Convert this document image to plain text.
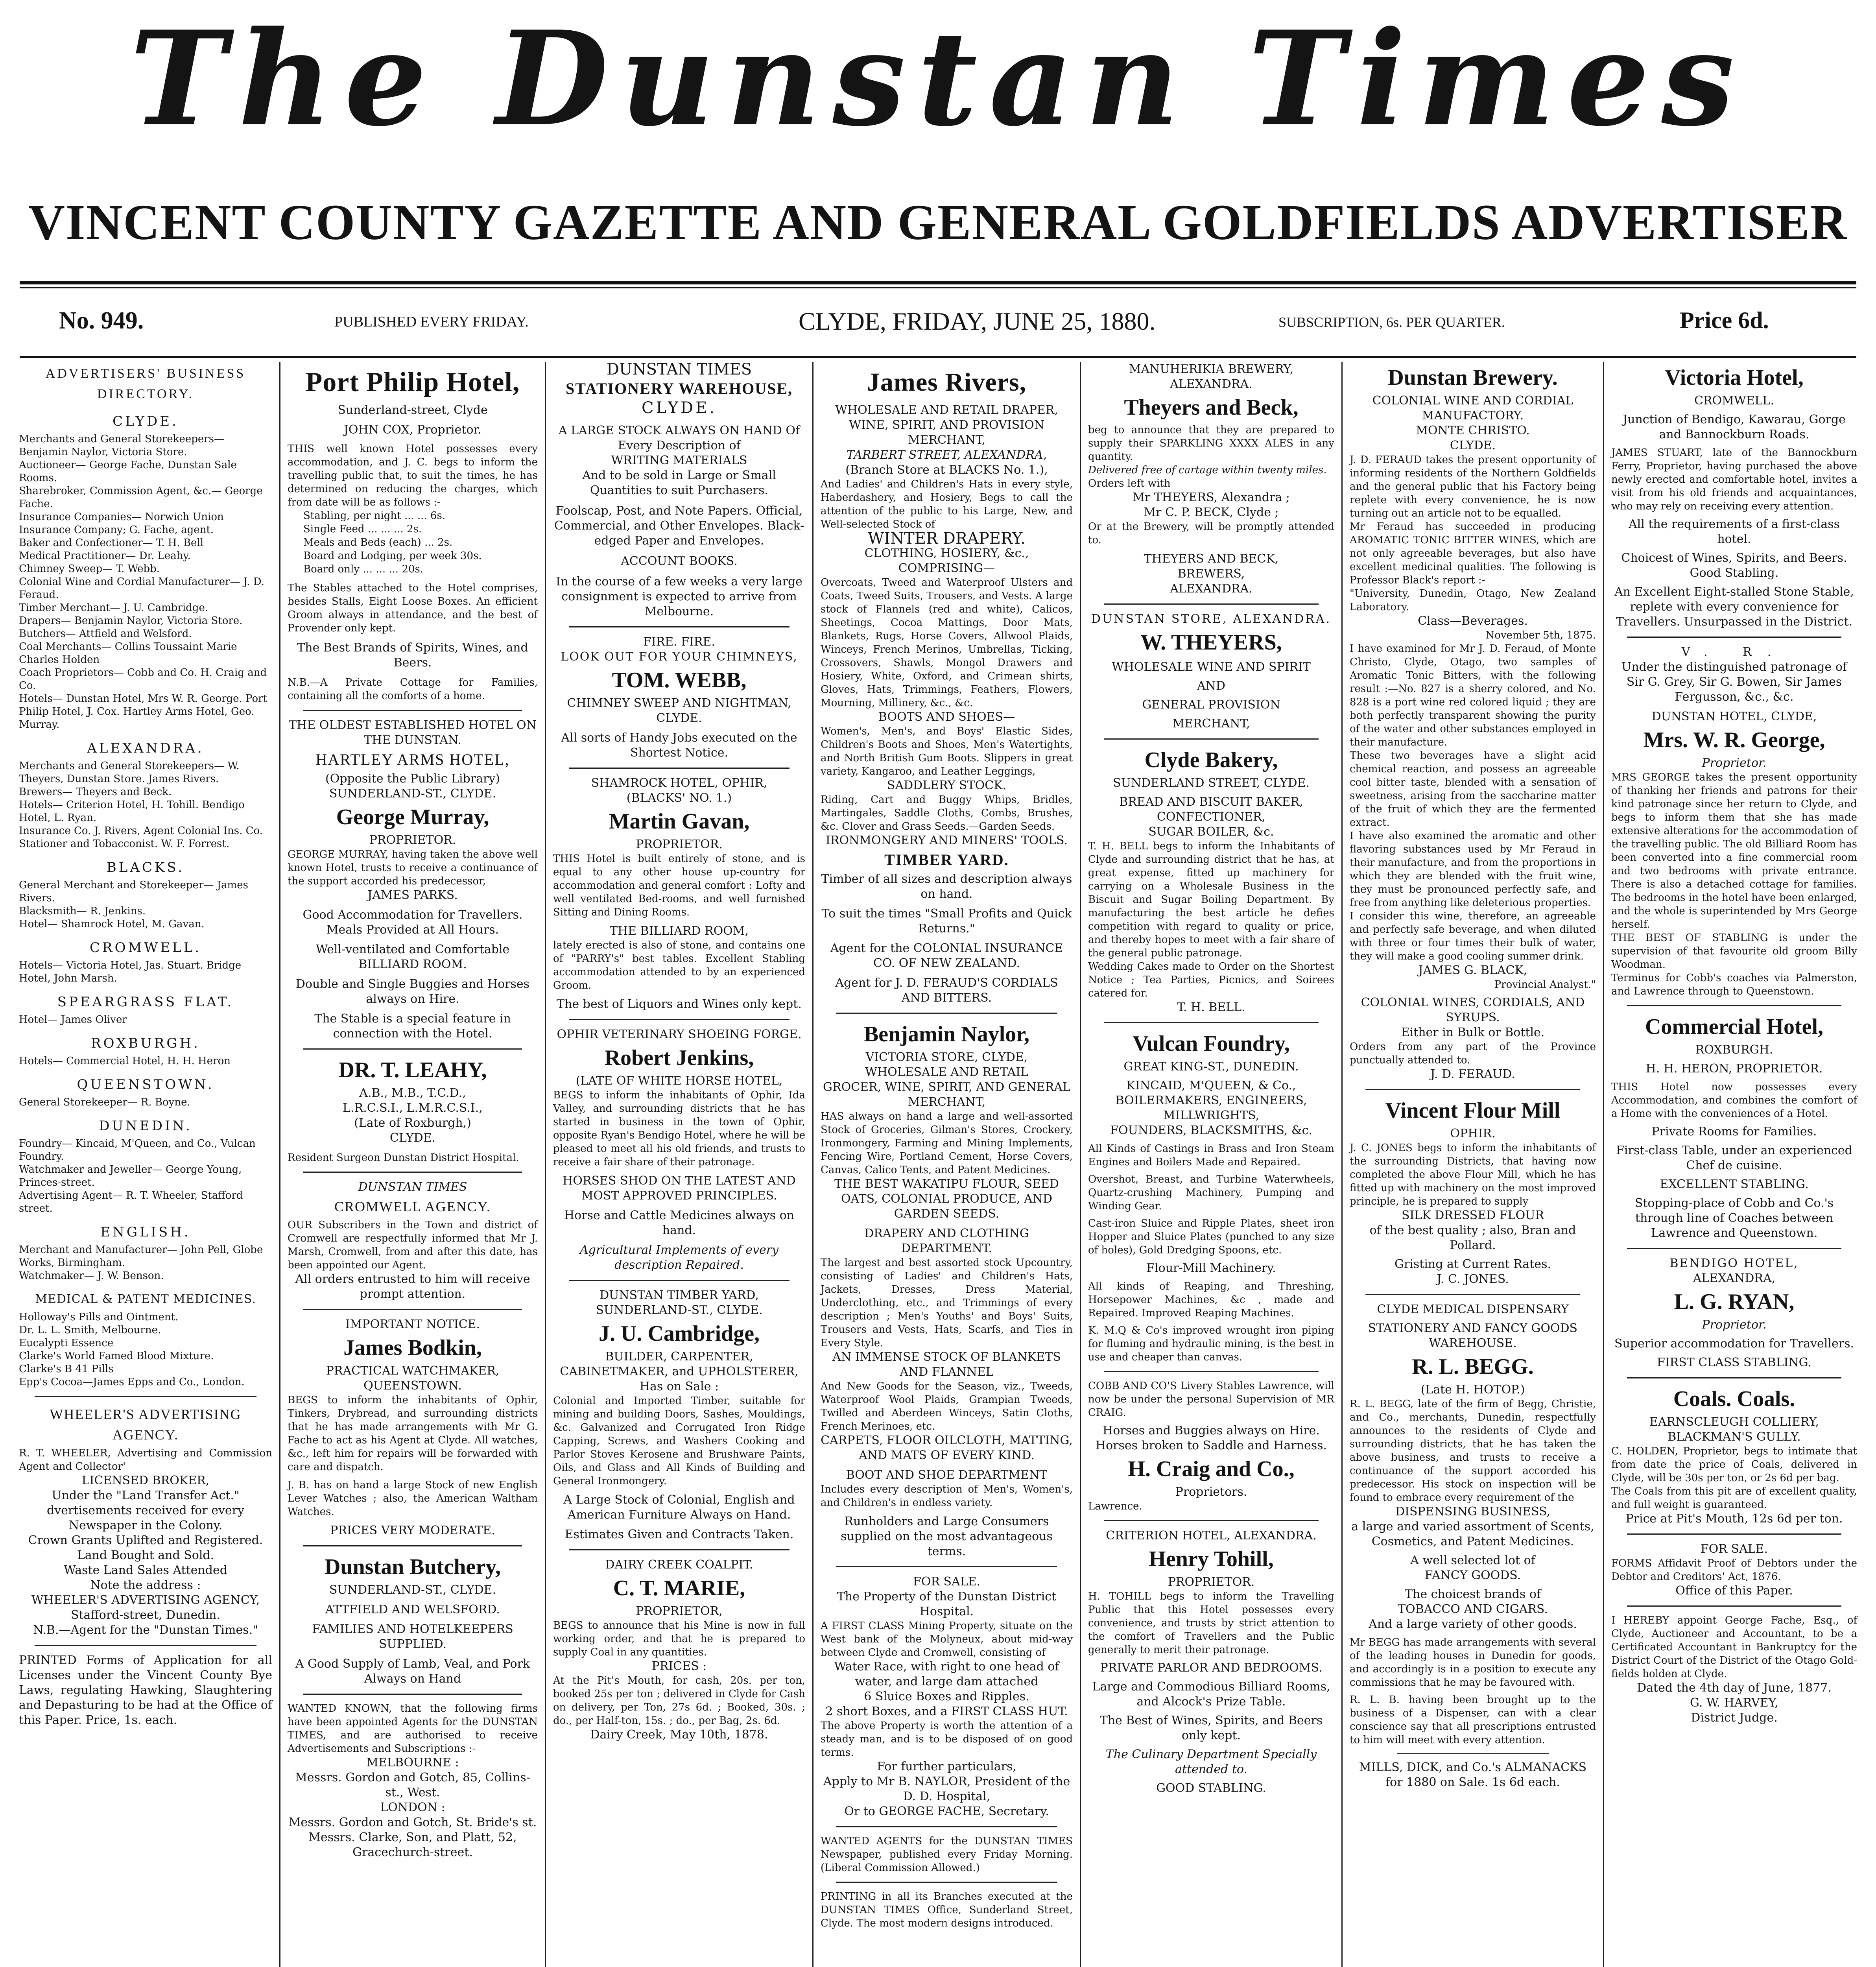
The Dunstan Times
VINCENT COUNTY GAZETTE AND GENERAL GOLDFIELDS ADVERTISER
No. 949.	PUBLISHED EVERY FRIDAY.	CLYDE, FRIDAY, JUNE 25, 1880.	SUBSCRIPTION, 6s. PER QUARTER.	Price 6d.
ADVERTISERS' BUSINESS DIRECTORY.
CLYDE.
Merchants and General Storekeepers— Benjamin Naylor, Victoria Store.
Auctioneer— George Fache, Dunstan Sale Rooms.
Sharebroker, Commission Agent, &c.— George Fache.
Insurance Companies— Norwich Union Insurance Company; G. Fache, agent.
Baker and Confectioner— T. H. Bell
Medical Practitioner— Dr. Leahy.
Chimney Sweep— T. Webb.
Colonial Wine and Cordial Manufacturer— J. D. Feraud.
Timber Merchant— J. U. Cambridge.
Drapers— Benjamin Naylor, Victoria Store.
Butchers— Attfield and Welsford.
Coal Merchants— Collins Toussaint Marie Charles Holden
Coach Proprietors— Cobb and Co. H. Craig and Co.
Hotels— Dunstan Hotel, Mrs W. R. George. Port Philip Hotel, J. Cox. Hartley Arms Hotel, Geo. Murray.
ALEXANDRA.
Merchants and General Storekeepers— W. Theyers, Dunstan Store. James Rivers.
Brewers— Theyers and Beck.
Hotels— Criterion Hotel, H. Tohill. Bendigo Hotel, L. Ryan.
Insurance Co. J. Rivers, Agent Colonial Ins. Co.
Stationer and Tobacconist. W. F. Forrest.
BLACKS.
General Merchant and Storekeeper— James Rivers.
Blacksmith— R. Jenkins.
Hotel— Shamrock Hotel, M. Gavan.
CROMWELL.
Hotels— Victoria Hotel, Jas. Stuart. Bridge Hotel, John Marsh.
SPEARGRASS FLAT.
Hotel— James Oliver
ROXBURGH.
Hotels— Commercial Hotel, H. H. Heron
QUEENSTOWN.
General Storekeeper— R. Boyne.
DUNEDIN.
Foundry— Kincaid, M'Queen, and Co., Vulcan Foundry.
Watchmaker and Jeweller— George Young, Princes-street.
Advertising Agent— R. T. Wheeler, Stafford street.
ENGLISH.
Merchant and Manufacturer— John Pell, Globe Works, Birmingham.
Watchmaker— J. W. Benson.
MEDICAL & PATENT MEDICINES.
Holloway's Pills and Ointment.
Dr. L. L. Smith, Melbourne.
Eucalypti Essence
Clarke's World Famed Blood Mixture.
Clarke's B 41 Pills
Epp's Cocoa—James Epps and Co., London.
WHEELER'S ADVERTISING AGENCY.
R. T. WHEELER, Advertising and Commission Agent and Collector'
LICENSED BROKER,
Under the "Land Transfer Act."
dvertisements received for every Newspaper in the Colony.
Crown Grants Uplifted and Registered.
Land Bought and Sold.
Waste Land Sales Attended
Note the address :
WHEELER'S ADVERTISING AGENCY, Stafford-street, Dunedin.
N.B.—Agent for the "Dunstan Times."
PRINTED Forms of Application for all Licenses under the Vincent County Bye Laws, regulating Hawking, Slaughtering and Depasturing to be had at the Office of this Paper. Price, 1s. each.
Port Philip Hotel,
Sunderland-street, Clyde
JOHN COX, Proprietor.
THIS well known Hotel possesses every accommodation, and J. C. begs to inform the travelling public that, to suit the times, he has determined on reducing the charges, which from date will be as follows :-
Stabling, per night ... ... 6s.
Single Feed ... ... ... 2s.
Meals and Beds (each) ... 2s.
Board and Lodging, per week 30s.
Board only ... ... ... 20s.
The Stables attached to the Hotel comprises, besides Stalls, Eight Loose Boxes. An efficient Groom always in attendance, and the best of Provender only kept.
The Best Brands of Spirits, Wines, and Beers.
N.B.—A Private Cottage for Families, containing all the comforts of a home.
THE OLDEST ESTABLISHED HOTEL ON THE DUNSTAN.
HARTLEY ARMS HOTEL,
(Opposite the Public Library)
SUNDERLAND-ST., CLYDE.
George Murray,
PROPRIETOR.
GEORGE MURRAY, having taken the above well known Hotel, trusts to receive a continuance of the support accorded his predecessor,
JAMES PARKS.
Good Accommodation for Travellers. Meals Provided at All Hours.
Well-ventilated and Comfortable BILLIARD ROOM.
Double and Single Buggies and Horses always on Hire.
The Stable is a special feature in connection with the Hotel.
DR. T. LEAHY,
A.B., M.B., T.C.D.,
L.R.C.S.I., L.M.R.C.S.I.,
(Late of Roxburgh,)
CLYDE.
Resident Surgeon Dunstan District Hospital.
DUNSTAN TIMES
CROMWELL AGENCY.
OUR Subscribers in the Town and district of Cromwell are respectfully informed that Mr J. Marsh, Cromwell, from and after this date, has been appointed our Agent.
All orders entrusted to him will receive prompt attention.
IMPORTANT NOTICE.
James Bodkin,
PRACTICAL WATCHMAKER,
QUEENSTOWN.
BEGS to inform the inhabitants of Ophir, Tinkers, Drybread, and surrounding districts that he has made arrangements with Mr G. Fache to act as his Agent at Clyde. All watches, &c., left him for repairs will be forwarded with care and dispatch.
J. B. has on hand a large Stock of new English Lever Watches ; also, the American Waltham Watches.
PRICES VERY MODERATE.
Dunstan Butchery,
SUNDERLAND-ST., CLYDE.
ATTFIELD AND WELSFORD.
FAMILIES AND HOTELKEEPERS SUPPLIED.
A Good Supply of Lamb, Veal, and Pork Always on Hand
WANTED KNOWN, that the following firms have been appointed Agents for the DUNSTAN TIMES, and are authorised to receive Advertisements and Subscriptions :-
MELBOURNE :
Messrs. Gordon and Gotch, 85, Collins-st., West.
LONDON :
Messrs. Gordon and Gotch, St. Bride's st. Messrs. Clarke, Son, and Platt, 52, Gracechurch-street.
DUNSTAN TIMES
STATIONERY WAREHOUSE,
CLYDE.
A LARGE STOCK ALWAYS ON HAND Of Every Description of
WRITING MATERIALS
And to be sold in Large or Small Quantities to suit Purchasers.
Foolscap, Post, and Note Papers. Official, Commercial, and Other Envelopes. Black-edged Paper and Envelopes.
ACCOUNT BOOKS.
In the course of a few weeks a very large consignment is expected to arrive from Melbourne.
FIRE. FIRE.
LOOK OUT FOR YOUR CHIMNEYS,
TOM. WEBB,
CHIMNEY SWEEP AND NIGHTMAN,
CLYDE.
All sorts of Handy Jobs executed on the Shortest Notice.
SHAMROCK HOTEL, OPHIR,
(BLACKS' NO. 1.)
Martin Gavan,
PROPRIETOR.
THIS Hotel is built entirely of stone, and is equal to any other house up-country for accommodation and general comfort : Lofty and well ventilated Bed-rooms, and well furnished Sitting and Dining Rooms.
THE BILLIARD ROOM,
lately erected is also of stone, and contains one of "PARRY's" best tables. Excellent Stabling accommodation attended to by an experienced Groom.
The best of Liquors and Wines only kept.
OPHIR VETERINARY SHOEING FORGE.
Robert Jenkins,
(LATE OF WHITE HORSE HOTEL,
BEGS to inform the inhabitants of Ophir, Ida Valley, and surrounding districts that he has started in business in the town of Ophir, opposite Ryan's Bendigo Hotel, where he will be pleased to meet all his old friends, and trusts to receive a fair share of their patronage.
HORSES SHOD ON THE LATEST AND MOST APPROVED PRINCIPLES.
Horse and Cattle Medicines always on hand.
Agricultural Implements of every description Repaired.
DUNSTAN TIMBER YARD,
SUNDERLAND-ST., CLYDE.
J. U. Cambridge,
BUILDER, CARPENTER, CABINETMAKER, and UPHOLSTERER,
Has on Sale :
Colonial and Imported Timber, suitable for mining and building Doors, Sashes, Mouldings, &c. Galvanized and Corrugated Iron Ridge Capping, Screws, and Washers Cooking and Parlor Stoves Kerosene and Brushware Paints, Oils, and Glass and All Kinds of Building and General Ironmongery.
A Large Stock of Colonial, English and American Furniture Always on Hand.
Estimates Given and Contracts Taken.
DAIRY CREEK COALPIT.
C. T. MARIE,
PROPRIETOR,
BEGS to announce that his Mine is now in full working order, and that he is prepared to supply Coal in any quantities.
PRICES :
At the Pit's Mouth, for cash, 20s. per ton, booked 25s per ton ; delivered in Clyde for Cash on delivery, per Ton, 27s 6d. ; Booked, 30s. ; do., per Half-ton, 15s. ; do., per Bag, 2s. 6d.
Dairy Creek, May 10th, 1878.
James Rivers,
WHOLESALE AND RETAIL DRAPER, WINE, SPIRIT, AND PROVISION MERCHANT,
TARBERT STREET, ALEXANDRA,
(Branch Store at BLACKS No. 1.),
And Ladies' and Children's Hats in every style, Haberdashery, and Hosiery, Begs to call the attention of the public to his Large, New, and Well-selected Stock of
WINTER DRAPERY.
CLOTHING, HOSIERY, &c.,
COMPRISING—
Overcoats, Tweed and Waterproof Ulsters and Coats, Tweed Suits, Trousers, and Vests. A large stock of Flannels (red and white), Calicos, Sheetings, Cocoa Mattings, Door Mats, Blankets, Rugs, Horse Covers, Allwool Plaids, Winceys, French Merinos, Umbrellas, Ticking, Crossovers, Shawls, Mongol Drawers and Hosiery, White, Oxford, and Crimean shirts, Gloves, Hats, Trimmings, Feathers, Flowers, Mourning, Millinery, &c., &c.
BOOTS AND SHOES—
Women's, Men's, and Boys' Elastic Sides, Children's Boots and Shoes, Men's Watertights, and North British Gum Boots. Slippers in great variety, Kangaroo, and Leather Leggings,
SADDLERY STOCK.
Riding, Cart and Buggy Whips, Bridles, Martingales, Saddle Cloths, Combs, Brushes, &c. Clover and Grass Seeds.—Garden Seeds.
IRONMONGERY AND MINERS' TOOLS.
TIMBER YARD.
Timber of all sizes and description always on hand.
To suit the times "Small Profits and Quick Returns."
Agent for the COLONIAL INSURANCE CO. OF NEW ZEALAND.
Agent for J. D. FERAUD'S CORDIALS AND BITTERS.
Benjamin Naylor,
VICTORIA STORE, CLYDE,
WHOLESALE AND RETAIL
GROCER, WINE, SPIRIT, AND GENERAL MERCHANT,
HAS always on hand a large and well-assorted Stock of Groceries, Gilman's Stores, Crockery, Ironmongery, Farming and Mining Implements, Fencing Wire, Portland Cement, Horse Covers, Canvas, Calico Tents, and Patent Medicines.
THE BEST WAKATIPU FLOUR, SEED OATS, COLONIAL PRODUCE, AND GARDEN SEEDS.
DRAPERY AND CLOTHING DEPARTMENT.
The largest and best assorted stock Upcountry, consisting of Ladies' and Children's Hats, Jackets, Dresses, Dress Material, Underclothing, etc., and Trimmings of every description ; Men's Youths' and Boys' Suits, Trousers and Vests, Hats, Scarfs, and Ties in Every Style.
AN IMMENSE STOCK OF BLANKETS AND FLANNEL
And New Goods for the Season, viz., Tweeds, Waterproof Wool Plaids, Grampian Tweeds, Twilled and Aberdeen Winceys, Satin Cloths, French Merinoes, etc.
CARPETS, FLOOR OILCLOTH, MATTING, AND MATS OF EVERY KIND.
BOOT AND SHOE DEPARTMENT
Includes every description of Men's, Women's, and Children's in endless variety.
Runholders and Large Consumers supplied on the most advantageous terms.
FOR SALE.
The Property of the Dunstan District Hospital.
A FIRST CLASS Mining Property, situate on the West bank of the Molyneux, about mid-way between Clyde and Cromwell, consisting of
Water Race, with right to one head of water, and large dam attached
6 Sluice Boxes and Ripples.
2 short Boxes, and a FIRST CLASS HUT.
The above Property is worth the attention of a steady man, and is to be disposed of on good terms.
For further particulars,
Apply to Mr B. NAYLOR, President of the D. D. Hospital,
Or to GEORGE FACHE, Secretary.
WANTED AGENTS for the DUNSTAN TIMES Newspaper, published every Friday Morning. (Liberal Commission Allowed.)
PRINTING in all its Branches executed at the DUNSTAN TIMES Office, Sunderland Street, Clyde. The most modern designs introduced.
MANUHERIKIA BREWERY, ALEXANDRA.
Theyers and Beck,
beg to announce that they are prepared to supply their SPARKLING XXXX ALES in any quantity.
Delivered free of cartage within twenty miles.
Orders left with
Mr THEYERS, Alexandra ;
Mr C. P. BECK, Clyde ;
Or at the Brewery, will be promptly attended to.
THEYERS AND BECK,
BREWERS,
ALEXANDRA.
DUNSTAN STORE, ALEXANDRA.
W. THEYERS,
WHOLESALE WINE AND SPIRIT
AND
GENERAL PROVISION
MERCHANT,
Clyde Bakery,
SUNDERLAND STREET, CLYDE.
BREAD AND BISCUIT BAKER,
CONFECTIONER,
SUGAR BOILER, &c.
T. H. BELL begs to inform the Inhabitants of Clyde and surrounding district that he has, at great expense, fitted up machinery for carrying on a Wholesale Business in the Biscuit and Sugar Boiling Department. By manufacturing the best article he defies competition with regard to quality or price, and thereby hopes to meet with a fair share of the general public patronage.
Wedding Cakes made to Order on the Shortest Notice ; Tea Parties, Picnics, and Soirees catered for.
T. H. BELL.
Vulcan Foundry,
GREAT KING-ST., DUNEDIN.
KINCAID, M'QUEEN, & Co.,
BOILERMAKERS, ENGINEERS,
MILLWRIGHTS,
FOUNDERS, BLACKSMITHS, &c.
All Kinds of Castings in Brass and Iron Steam Engines and Boilers Made and Repaired.
Overshot, Breast, and Turbine Waterwheels, Quartz-crushing Machinery, Pumping and Winding Gear.
Cast-iron Sluice and Ripple Plates, sheet iron Hopper and Sluice Plates (punched to any size of holes), Gold Dredging Spoons, etc.
Flour-Mill Machinery.
All kinds of Reaping, and Threshing, Horsepower Machines, &c , made and Repaired. Improved Reaping Machines.
K. M.Q & Co's improved wrought iron piping for fluming and hydraulic mining, is the best in use and cheaper than canvas.
COBB AND CO'S Livery Stables Lawrence, will now be under the personal Supervision of MR CRAIG.
Horses and Buggies always on Hire. Horses broken to Saddle and Harness.
H. Craig and Co.,
Proprietors.
Lawrence.
CRITERION HOTEL, ALEXANDRA.
Henry Tohill,
PROPRIETOR.
H. TOHILL begs to inform the Travelling Public that this Hotel possesses every convenience, and trusts by strict attention to the comfort of Travellers and the Public generally to merit their patronage.
PRIVATE PARLOR AND BEDROOMS.
Large and Commodious Billiard Rooms, and Alcock's Prize Table.
The Best of Wines, Spirits, and Beers only kept.
The Culinary Department Specially attended to.
GOOD STABLING.
Dunstan Brewery.
COLONIAL WINE AND CORDIAL MANUFACTORY.
MONTE CHRISTO.
CLYDE.
J. D. FERAUD takes the present opportunity of informing residents of the Northern Goldfields and the general public that his Factory being replete with every convenience, he is now turning out an article not to be equalled.
Mr Feraud has succeeded in producing AROMATIC TONIC BITTER WINES, which are not only agreeable beverages, but also have excellent medicinal qualities. The following is Professor Black's report :-
"University, Dunedin, Otago, New Zealand Laboratory.
Class—Beverages.
November 5th, 1875.
I have examined for Mr J. D. Feraud, of Monte Christo, Clyde, Otago, two samples of Aromatic Tonic Bitters, with the following result :—No. 827 is a sherry colored, and No. 828 is a port wine red colored liquid ; they are both perfectly transparent showing the purity of the water and other substances employed in their manufacture.
These two beverages have a slight acid chemical reaction, and possess an agreeable cool bitter taste, blended with a sensation of sweetness, arising from the saccharine matter of the fruit of which they are the fermented extract.
I have also examined the aromatic and other flavoring substances used by Mr Feraud in their manufacture, and from the proportions in which they are blended with the fruit wine, they must be pronounced perfectly safe, and free from anything like deleterious properties.
I consider this wine, therefore, an agreeable and perfectly safe beverage, and when diluted with three or four times their bulk of water, they will make a good cooling summer drink.
JAMES G. BLACK,
Provincial Analyst."
COLONIAL WINES, CORDIALS, AND SYRUPS.
Either in Bulk or Bottle.
Orders from any part of the Province punctually attended to.
J. D. FERAUD.
Vincent Flour Mill
OPHIR.
J. C. JONES begs to inform the inhabitants of the surrounding Districts, that having now completed the above Flour Mill, which he has fitted up with machinery on the most improved principle, he is prepared to supply
SILK DRESSED FLOUR
of the best quality ; also, Bran and Pollard.
Gristing at Current Rates.
J. C. JONES.
CLYDE MEDICAL DISPENSARY
STATIONERY AND FANCY GOODS WAREHOUSE.
R. L. BEGG.
(Late H. HOTOP.)
R. L. BEGG, late of the firm of Begg, Christie, and Co., merchants, Dunedin, respectfully announces to the residents of Clyde and surrounding districts, that he has taken the above business, and trusts to receive a continuance of the support accorded his predecessor. His stock on inspection will be found to embrace every requirement of the
DISPENSING BUSINESS,
a large and varied assortment of Scents, Cosmetics, and Patent Medicines.
A well selected lot of
FANCY GOODS.
The choicest brands of
TOBACCO AND CIGARS.
And a large variety of other goods.
Mr BEGG has made arrangements with several of the leading houses in Dunedin for goods, and accordingly is in a position to execute any commissions that he may be favoured with.
R. L. B. having been brought up to the business of a Dispenser, can with a clear conscience say that all prescriptions entrusted to him will meet with every attention.
MILLS, DICK, and Co.'s ALMANACKS for 1880 on Sale. 1s 6d each.
Victoria Hotel,
CROMWELL.
Junction of Bendigo, Kawarau, Gorge and Bannockburn Roads.
JAMES STUART, late of the Bannockburn Ferry, Proprietor, having purchased the above newly erected and comfortable hotel, invites a visit from his old friends and acquaintances, who may rely on receiving every attention.
All the requirements of a first-class hotel.
Choicest of Wines, Spirits, and Beers. Good Stabling.
An Excellent Eight-stalled Stone Stable, replete with every convenience for Travellers. Unsurpassed in the District.
V. R.
Under the distinguished patronage of Sir G. Grey, Sir G. Bowen, Sir James Fergusson, &c., &c.
DUNSTAN HOTEL, CLYDE,
Mrs. W. R. George,
Proprietor.
MRS GEORGE takes the present opportunity of thanking her friends and patrons for their kind patronage since her return to Clyde, and begs to inform them that she has made extensive alterations for the accommodation of the travelling public. The old Billiard Room has been converted into a fine commercial room and two bedrooms with private entrance. There is also a detached cottage for families. The bedrooms in the hotel have been enlarged, and the whole is superintended by Mrs George herself.
THE BEST OF STABLING is under the supervision of that favourite old groom Billy Woodman.
Terminus for Cobb's coaches via Palmerston, and Lawrence through to Queenstown.
Commercial Hotel,
ROXBURGH.
H. H. HERON, PROPRIETOR.
THIS Hotel now possesses every Accommodation, and combines the comfort of a Home with the conveniences of a Hotel.
Private Rooms for Families.
First-class Table, under an experienced Chef de cuisine.
EXCELLENT STABLING.
Stopping-place of Cobb and Co.'s through line of Coaches between Lawrence and Queenstown.
BENDIGO HOTEL,
ALEXANDRA,
L. G. RYAN,
Proprietor.
Superior accommodation for Travellers.
FIRST CLASS STABLING.
Coals. Coals.
EARNSCLEUGH COLLIERY,
BLACKMAN'S GULLY.
C. HOLDEN, Proprietor, begs to intimate that from date the price of Coals, delivered in Clyde, will be 30s per ton, or 2s 6d per bag.
The Coals from this pit are of excellent quality, and full weight is guaranteed.
Price at Pit's Mouth, 12s 6d per ton.
FOR SALE.
FORMS Affidavit Proof of Debtors under the Debtor and Creditors' Act, 1876.
Office of this Paper.
I HEREBY appoint George Fache, Esq., of Clyde, Auctioneer and Accountant, to be a Certificated Accountant in Bankruptcy for the District Court of the District of the Otago Gold-fields holden at Clyde.
Dated the 4th day of June, 1877.
G. W. HARVEY,
District Judge.
